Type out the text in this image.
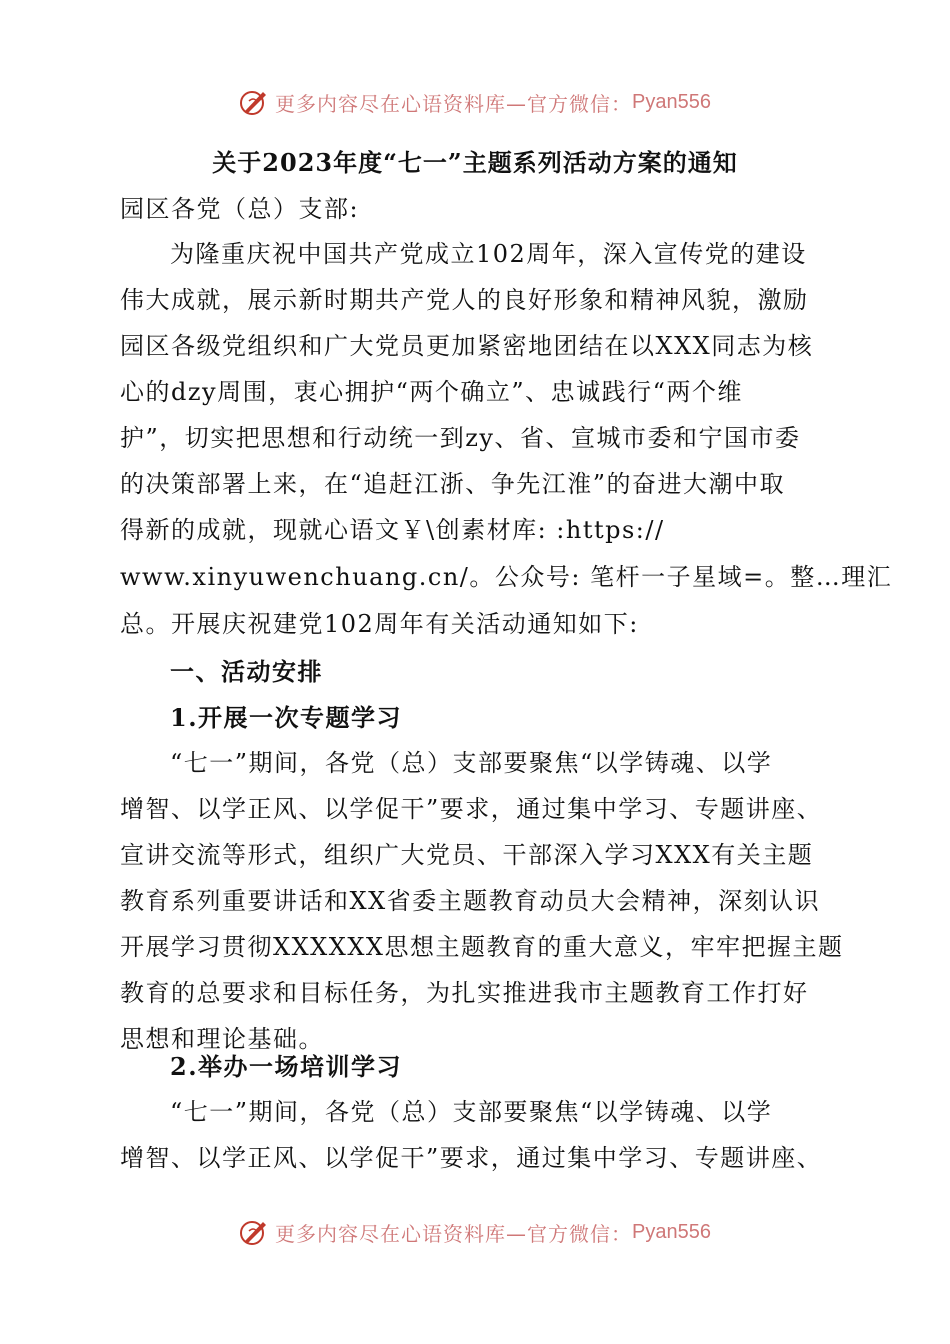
更多内容尽在心语资料库—官方微信： Pyan556
关于2023年度“七一”主题系列活动方案的通知
园区各党（总）支部:
为隆重庆祝中国共产党成立102周年，深入宣传党的建设
伟大成就，展示新时期共产党人的良好形象和精神风貌，激励
园区各级党组织和广大党员更加紧密地团结在以XXX同志为核
心的dzy周围，衷心拥护“两个确立”、忠诚践行“两个维
护”，切实把思想和行动统一到zy、省、宣城市委和宁国市委
的决策部署上来，在“追赶江浙、争先江淮”的奋进大潮中取
得新的成就，现就心语文￥\创素材库: :https://
www.xinyuwenchuang.cn/。公众号: 笔杆一子星域=。整…理汇
总。开展庆祝建党102周年有关活动通知如下:
一、活动安排
1.开展一次专题学习
“七一”期间，各党（总）支部要聚焦“以学铸魂、以学
增智、以学正风、以学促干”要求，通过集中学习、专题讲座、
宣讲交流等形式，组织广大党员、干部深入学习XXX有关主题
教育系列重要讲话和XX省委主题教育动员大会精神，深刻认识
开展学习贯彻XXXXXX思想主题教育的重大意义，牢牢把握主题
教育的总要求和目标任务，为扎实推进我市主题教育工作打好
思想和理论基础。
2.举办一场培训学习
“七一”期间，各党（总）支部要聚焦“以学铸魂、以学
增智、以学正风、以学促干”要求，通过集中学习、专题讲座、
更多内容尽在心语资料库—官方微信： Pyan556
